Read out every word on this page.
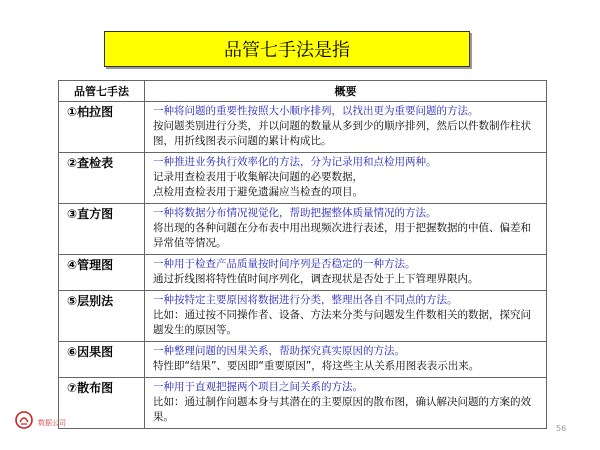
品管七手法是指
品管七手法	概要
①柏拉图	一种将问题的重要性按照大小顺序排列，以找出更为重要问题的方法。
按问题类别进行分类，并以问题的数量从多到少的顺序排列，然后以件数制作柱状图，用折线图表示问题的累计构成比。

②查检表	一种推进业务执行效率化的方法，分为记录用和点检用两种。
记录用查检表用于收集解决问题的必要数据，
点检用查检表用于避免遗漏应当检查的项目。

③直方图	一种将数据分布情况视觉化，帮助把握整体质量情况的方法。
将出现的各种问题在分布表中用出现频次进行表述，用于把握数据的中值、偏差和异常值等情况。

④管理图	一种用于检查产品质量按时间序列是否稳定的一种方法。
通过折线图将特性值时间序列化，调查现状是否处于上下管理界限内。

⑤层别法	一种按特定主要原因将数据进行分类，整理出各自不同点的方法。
比如：通过按不同操作者、设备、方法来分类与问题发生件数相关的数据，探究问题发生的原因等。

⑥因果图	一种整理问题的因果关系，帮助探究真实原因的方法。
特性即“结果”、要因即“重要原因”，将这些主从关系用图表表示出来。

⑦散布图	一种用于直观把握两个项目之间关系的方法。
比如：通过制作问题本身与其潜在的主要原因的散布图，确认解决问题的方案的效果。
数据公司
56
